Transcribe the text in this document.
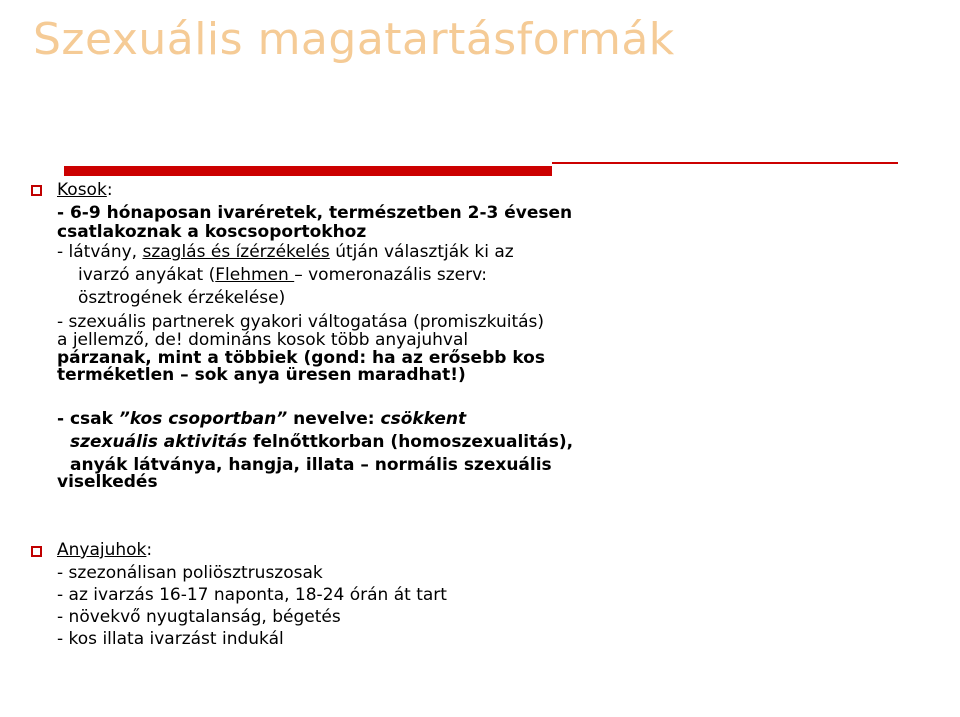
Szexuális magatartásformák
Kosok:
- 6-9 hónaposan ivaréretek, természetben 2-3 évesen
csatlakoznak a koscsoportokhoz
- látvány, szaglás és ízérzékelés útján választják ki az
ivarzó anyákat (Flehmen – vomeronazális szerv:
ösztrogének érzékelése)
- szexuális partnerek gyakori váltogatása (promiszkuitás)
a jellemző, de! domináns kosok több anyajuhval
párzanak, mint a többiek (gond: ha az erősebb kos
terméketlen – sok anya üresen maradhat!)
- csak ”kos csoportban” nevelve: csökkent
szexuális aktivitás felnőttkorban (homoszexualitás),
anyák látványa, hangja, illata – normális szexuális
viselkedés
Anyajuhok:
- szezonálisan poliösztruszosak
- az ivarzás 16-17 naponta, 18-24 órán át tart
- növekvő nyugtalanság, bégetés
- kos illata ivarzást indukál
